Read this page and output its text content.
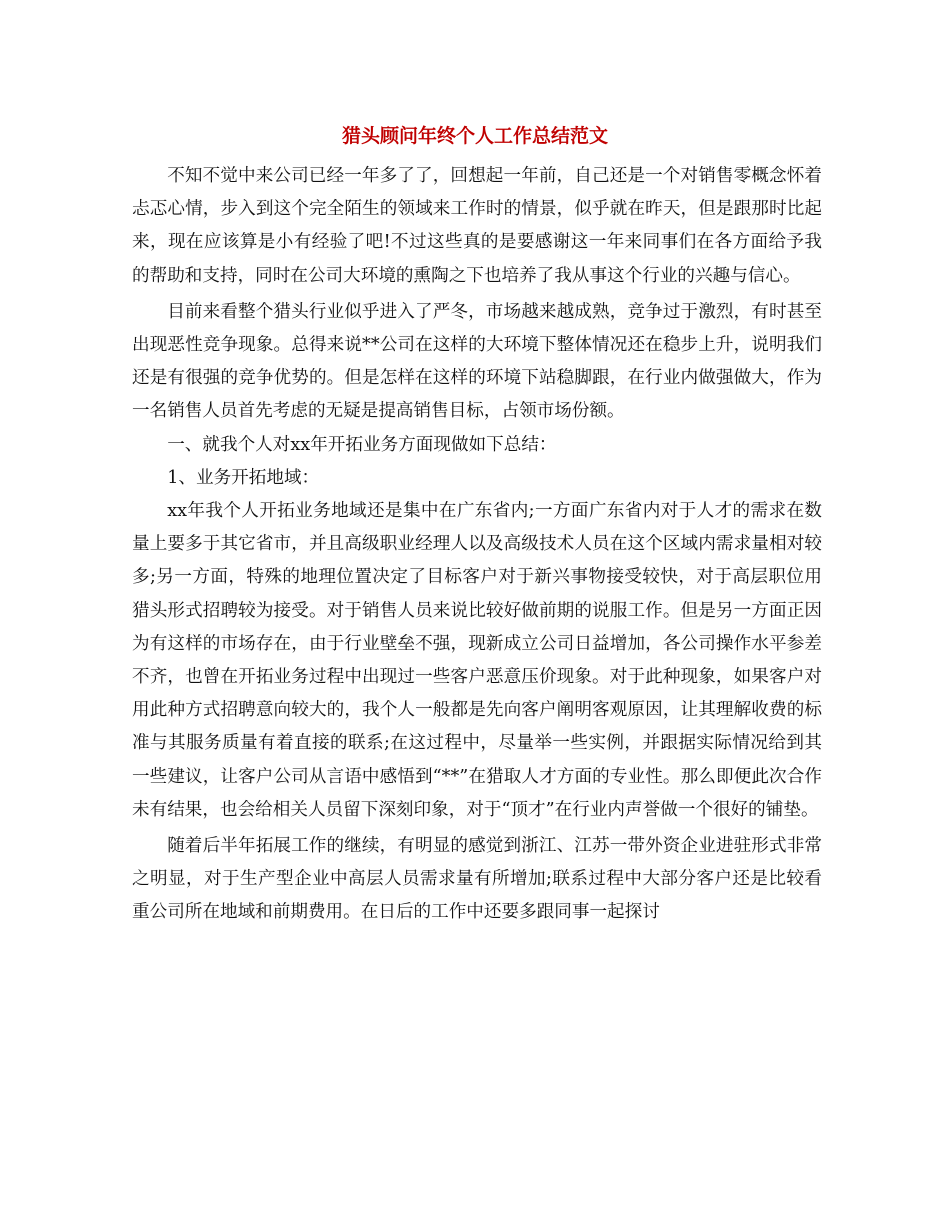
猎头顾问年终个人工作总结范文

不知不觉中来公司已经一年多了了，回想起一年前，自己还是一个对销售零概念怀着忐忑心情，步入到这个完全陌生的领域来工作时的情景，似乎就在昨天，但是跟那时比起来，现在应该算是小有经验了吧!不过这些真的是要感谢这一年来同事们在各方面给予我的帮助和支持，同时在公司大环境的熏陶之下也培养了我从事这个行业的兴趣与信心。

目前来看整个猎头行业似乎进入了严冬，市场越来越成熟，竞争过于激烈，有时甚至出现恶性竞争现象。总得来说**公司在这样的大环境下整体情况还在稳步上升，说明我们还是有很强的竞争优势的。但是怎样在这样的环境下站稳脚跟，在行业内做强做大，作为一名销售人员首先考虑的无疑是提高销售目标，占领市场份额。

一、就我个人对xx年开拓业务方面现做如下总结：

1、业务开拓地域：

xx年我个人开拓业务地域还是集中在广东省内;一方面广东省内对于人才的需求在数量上要多于其它省市，并且高级职业经理人以及高级技术人员在这个区域内需求量相对较多;另一方面，特殊的地理位置决定了目标客户对于新兴事物接受较快，对于高层职位用猎头形式招聘较为接受。对于销售人员来说比较好做前期的说服工作。但是另一方面正因为有这样的市场存在，由于行业壁垒不强，现新成立公司日益增加，各公司操作水平参差不齐，也曾在开拓业务过程中出现过一些客户恶意压价现象。对于此种现象，如果客户对用此种方式招聘意向较大的，我个人一般都是先向客户阐明客观原因，让其理解收费的标准与其服务质量有着直接的联系;在这过程中，尽量举一些实例，并跟据实际情况给到其一些建议，让客户公司从言语中感悟到“**”在猎取人才方面的专业性。那么即便此次合作未有结果，也会给相关人员留下深刻印象，对于“顶才”在行业内声誉做一个很好的铺垫。

随着后半年拓展工作的继续，有明显的感觉到浙江、江苏一带外资企业进驻形式非常之明显，对于生产型企业中高层人员需求量有所增加;联系过程中大部分客户还是比较看重公司所在地域和前期费用。在日后的工作中还要多跟同事一起探讨
